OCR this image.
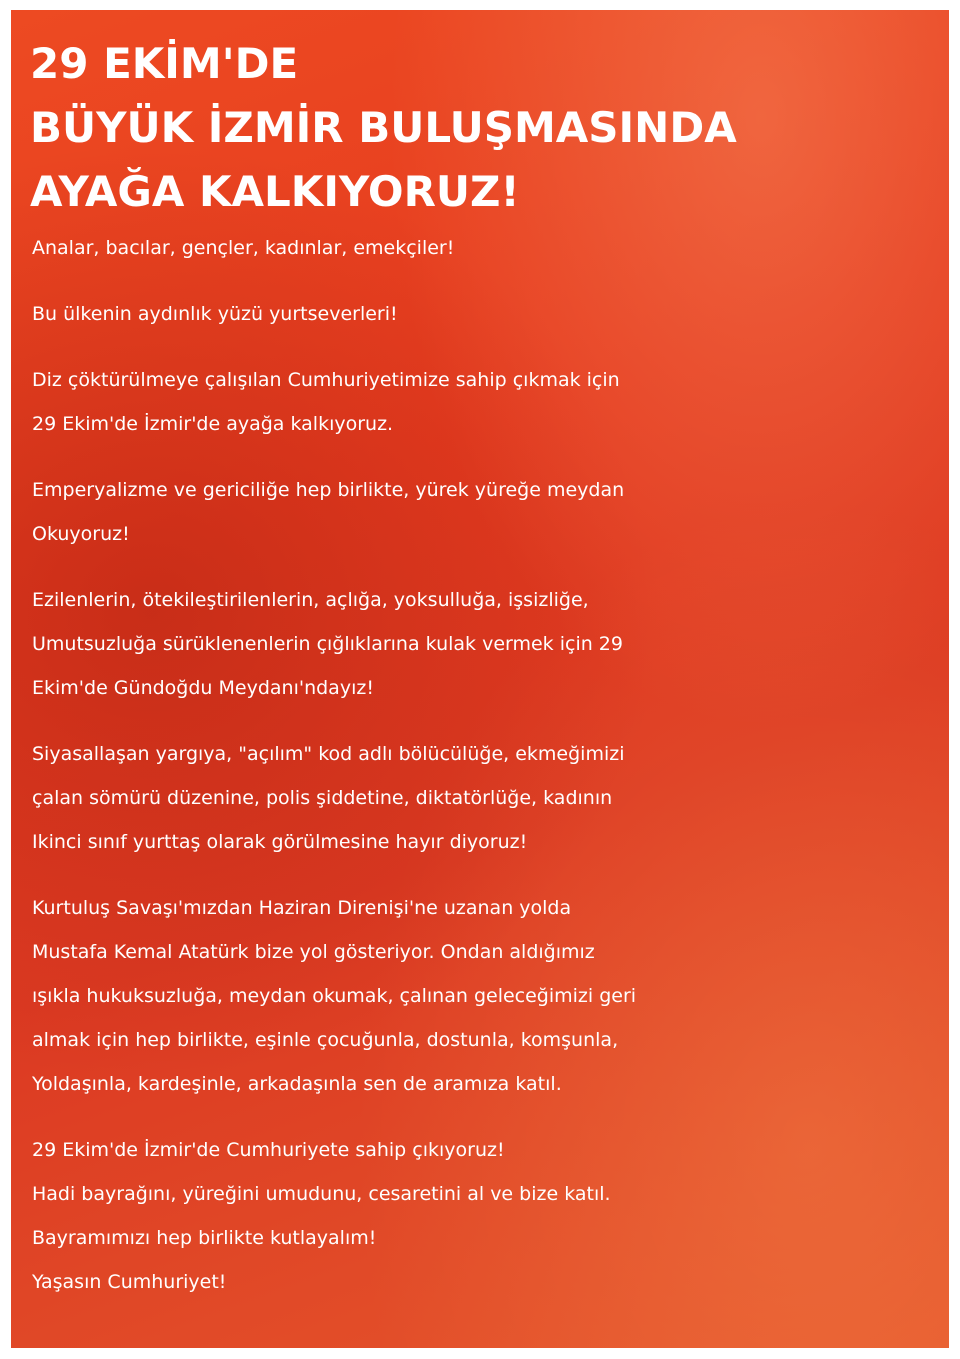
29 EKİM'DE
BÜYÜK İZMİR BULUŞMASINDA
AYAĞA KALKIYORUZ!

Analar, bacılar, gençler, kadınlar, emekçiler!

Bu ülkenin aydınlık yüzü yurtseverleri!

Diz çöktürülmeye çalışılan Cumhuriyetimize sahip çıkmak için
29 Ekim'de İzmir'de ayağa kalkıyoruz.

Emperyalizme ve gericiliğe hep birlikte, yürek yüreğe meydan
Okuyoruz!

Ezilenlerin, ötekileştirilenlerin, açlığa, yoksulluğa, işsizliğe,
Umutsuzluğa sürüklenenlerin çığlıklarına kulak vermek için 29
Ekim'de Gündoğdu Meydanı'ndayız!

Siyasallaşan yargıya, "açılım" kod adlı bölücülüğe, ekmeğimizi
çalan sömürü düzenine, polis şiddetine, diktatörlüğe, kadının
Ikinci sınıf yurttaş olarak görülmesine hayır diyoruz!

Kurtuluş Savaşı'mızdan Haziran Direnişi'ne uzanan yolda
Mustafa Kemal Atatürk bize yol gösteriyor. Ondan aldığımız
ışıkla hukuksuzluğa, meydan okumak, çalınan geleceğimizi geri
almak için hep birlikte, eşinle çocuğunla, dostunla, komşunla,
Yoldaşınla, kardeşinle, arkadaşınla sen de aramıza katıl.

29 Ekim'de İzmir'de Cumhuriyete sahip çıkıyoruz!
Hadi bayrağını, yüreğini umudunu, cesaretini al ve bize katıl.
Bayramımızı hep birlikte kutlayalım!
Yaşasın Cumhuriyet!
